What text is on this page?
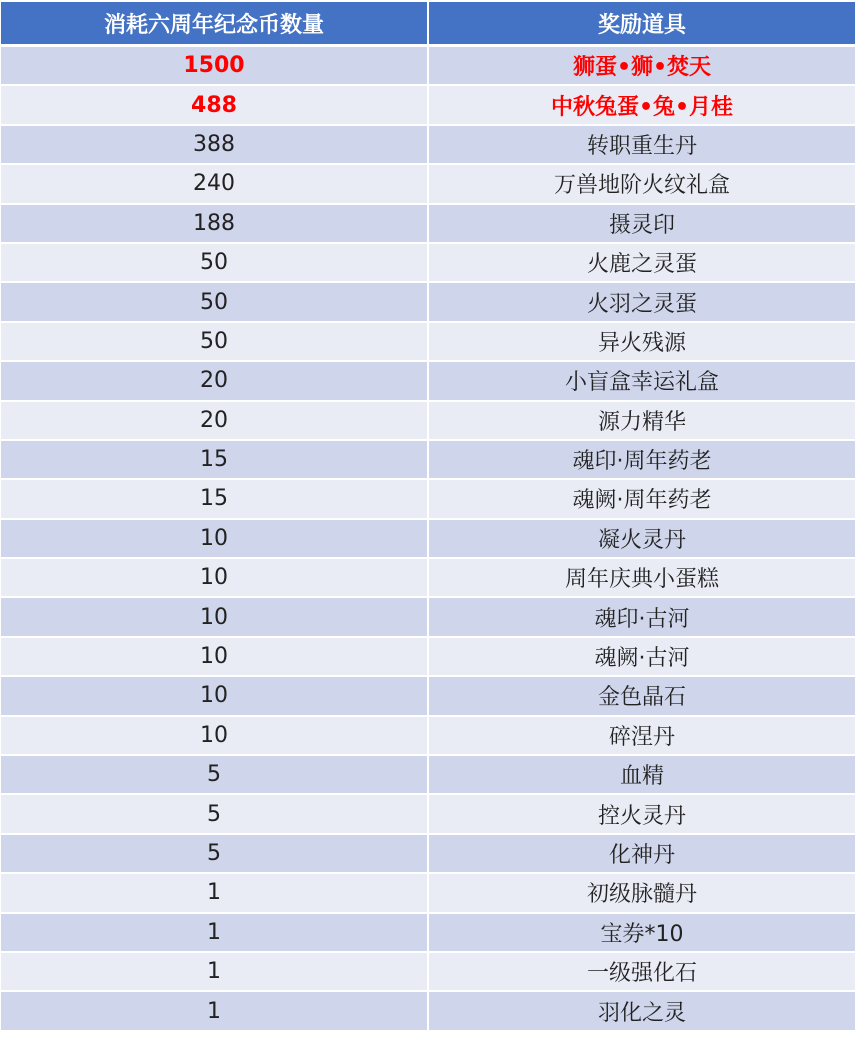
消耗六周年纪念币数量	奖励道具
1500	狮蛋•狮•焚天
488	中秋兔蛋•兔•月桂
388	转职重生丹
240	万兽地阶火纹礼盒
188	摄灵印
50	火鹿之灵蛋
50	火羽之灵蛋
50	异火残源
20	小盲盒幸运礼盒
20	源力精华
15	魂印·周年药老
15	魂阙·周年药老
10	凝火灵丹
10	周年庆典小蛋糕
10	魂印·古河
10	魂阙·古河
10	金色晶石
10	碎涅丹
5	血精
5	控火灵丹
5	化神丹
1	初级脉髓丹
1	宝券*10
1	一级强化石
1	羽化之灵
